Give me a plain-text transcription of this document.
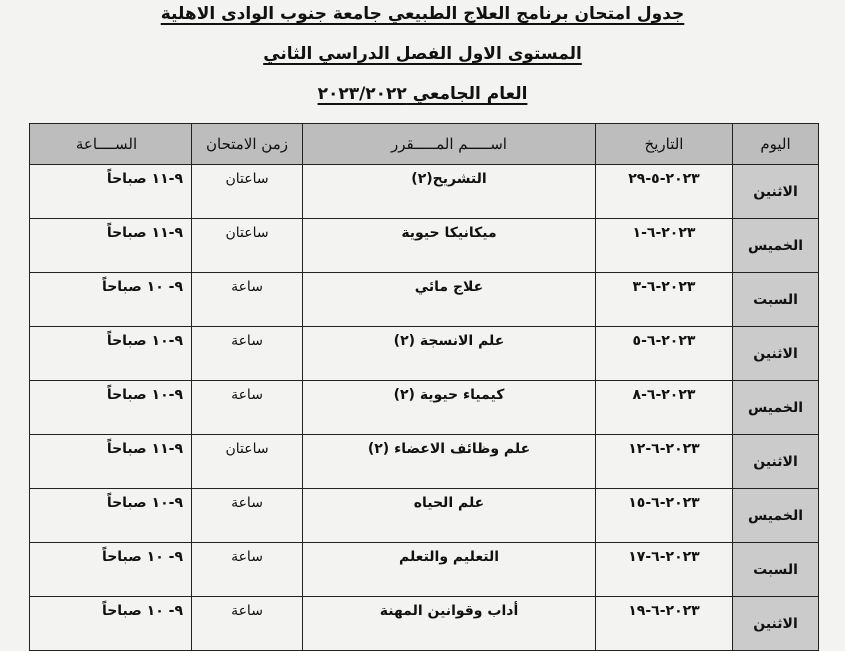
جدول امتحان برنامج العلاج الطبيعي جامعة جنوب الوادى الاهلية
المستوى الاول الفصل الدراسي الثاني
العام الجامعي ٢٠٢٣/٢٠٢٢
اليوم	التاريخ	اســـــم المـــــقرر	زمن الامتحان	الســــاعة
الاثنين	٢٠٢٣-٥-٢٩	التشريح(٢)	ساعتان	٩-١١ صباحاً
الخميس	٢٠٢٣-٦-١	ميكانيكا حيوية	ساعتان	٩-١١ صباحاً
السبت	٢٠٢٣-٦-٣	علاج مائي	ساعة	٩- ١٠ صباحاً
الاثنين	٢٠٢٣-٦-٥	علم الانسجة (٢)	ساعة	٩-١٠ صباحاً
الخميس	٢٠٢٣-٦-٨	كيمياء حيوية (٢)	ساعة	٩-١٠ صباحاً
الاثنين	٢٠٢٣-٦-١٢	علم وظائف الاعضاء (٢)	ساعتان	٩-١١ صباحاً
الخميس	٢٠٢٣-٦-١٥	علم الحياه	ساعة	٩-١٠ صباحاً
السبت	٢٠٢٣-٦-١٧	التعليم والتعلم	ساعة	٩- ١٠ صباحاً
الاثنين	٢٠٢٣-٦-١٩	أداب وقوانين المهنة	ساعة	٩- ١٠ صباحاً
